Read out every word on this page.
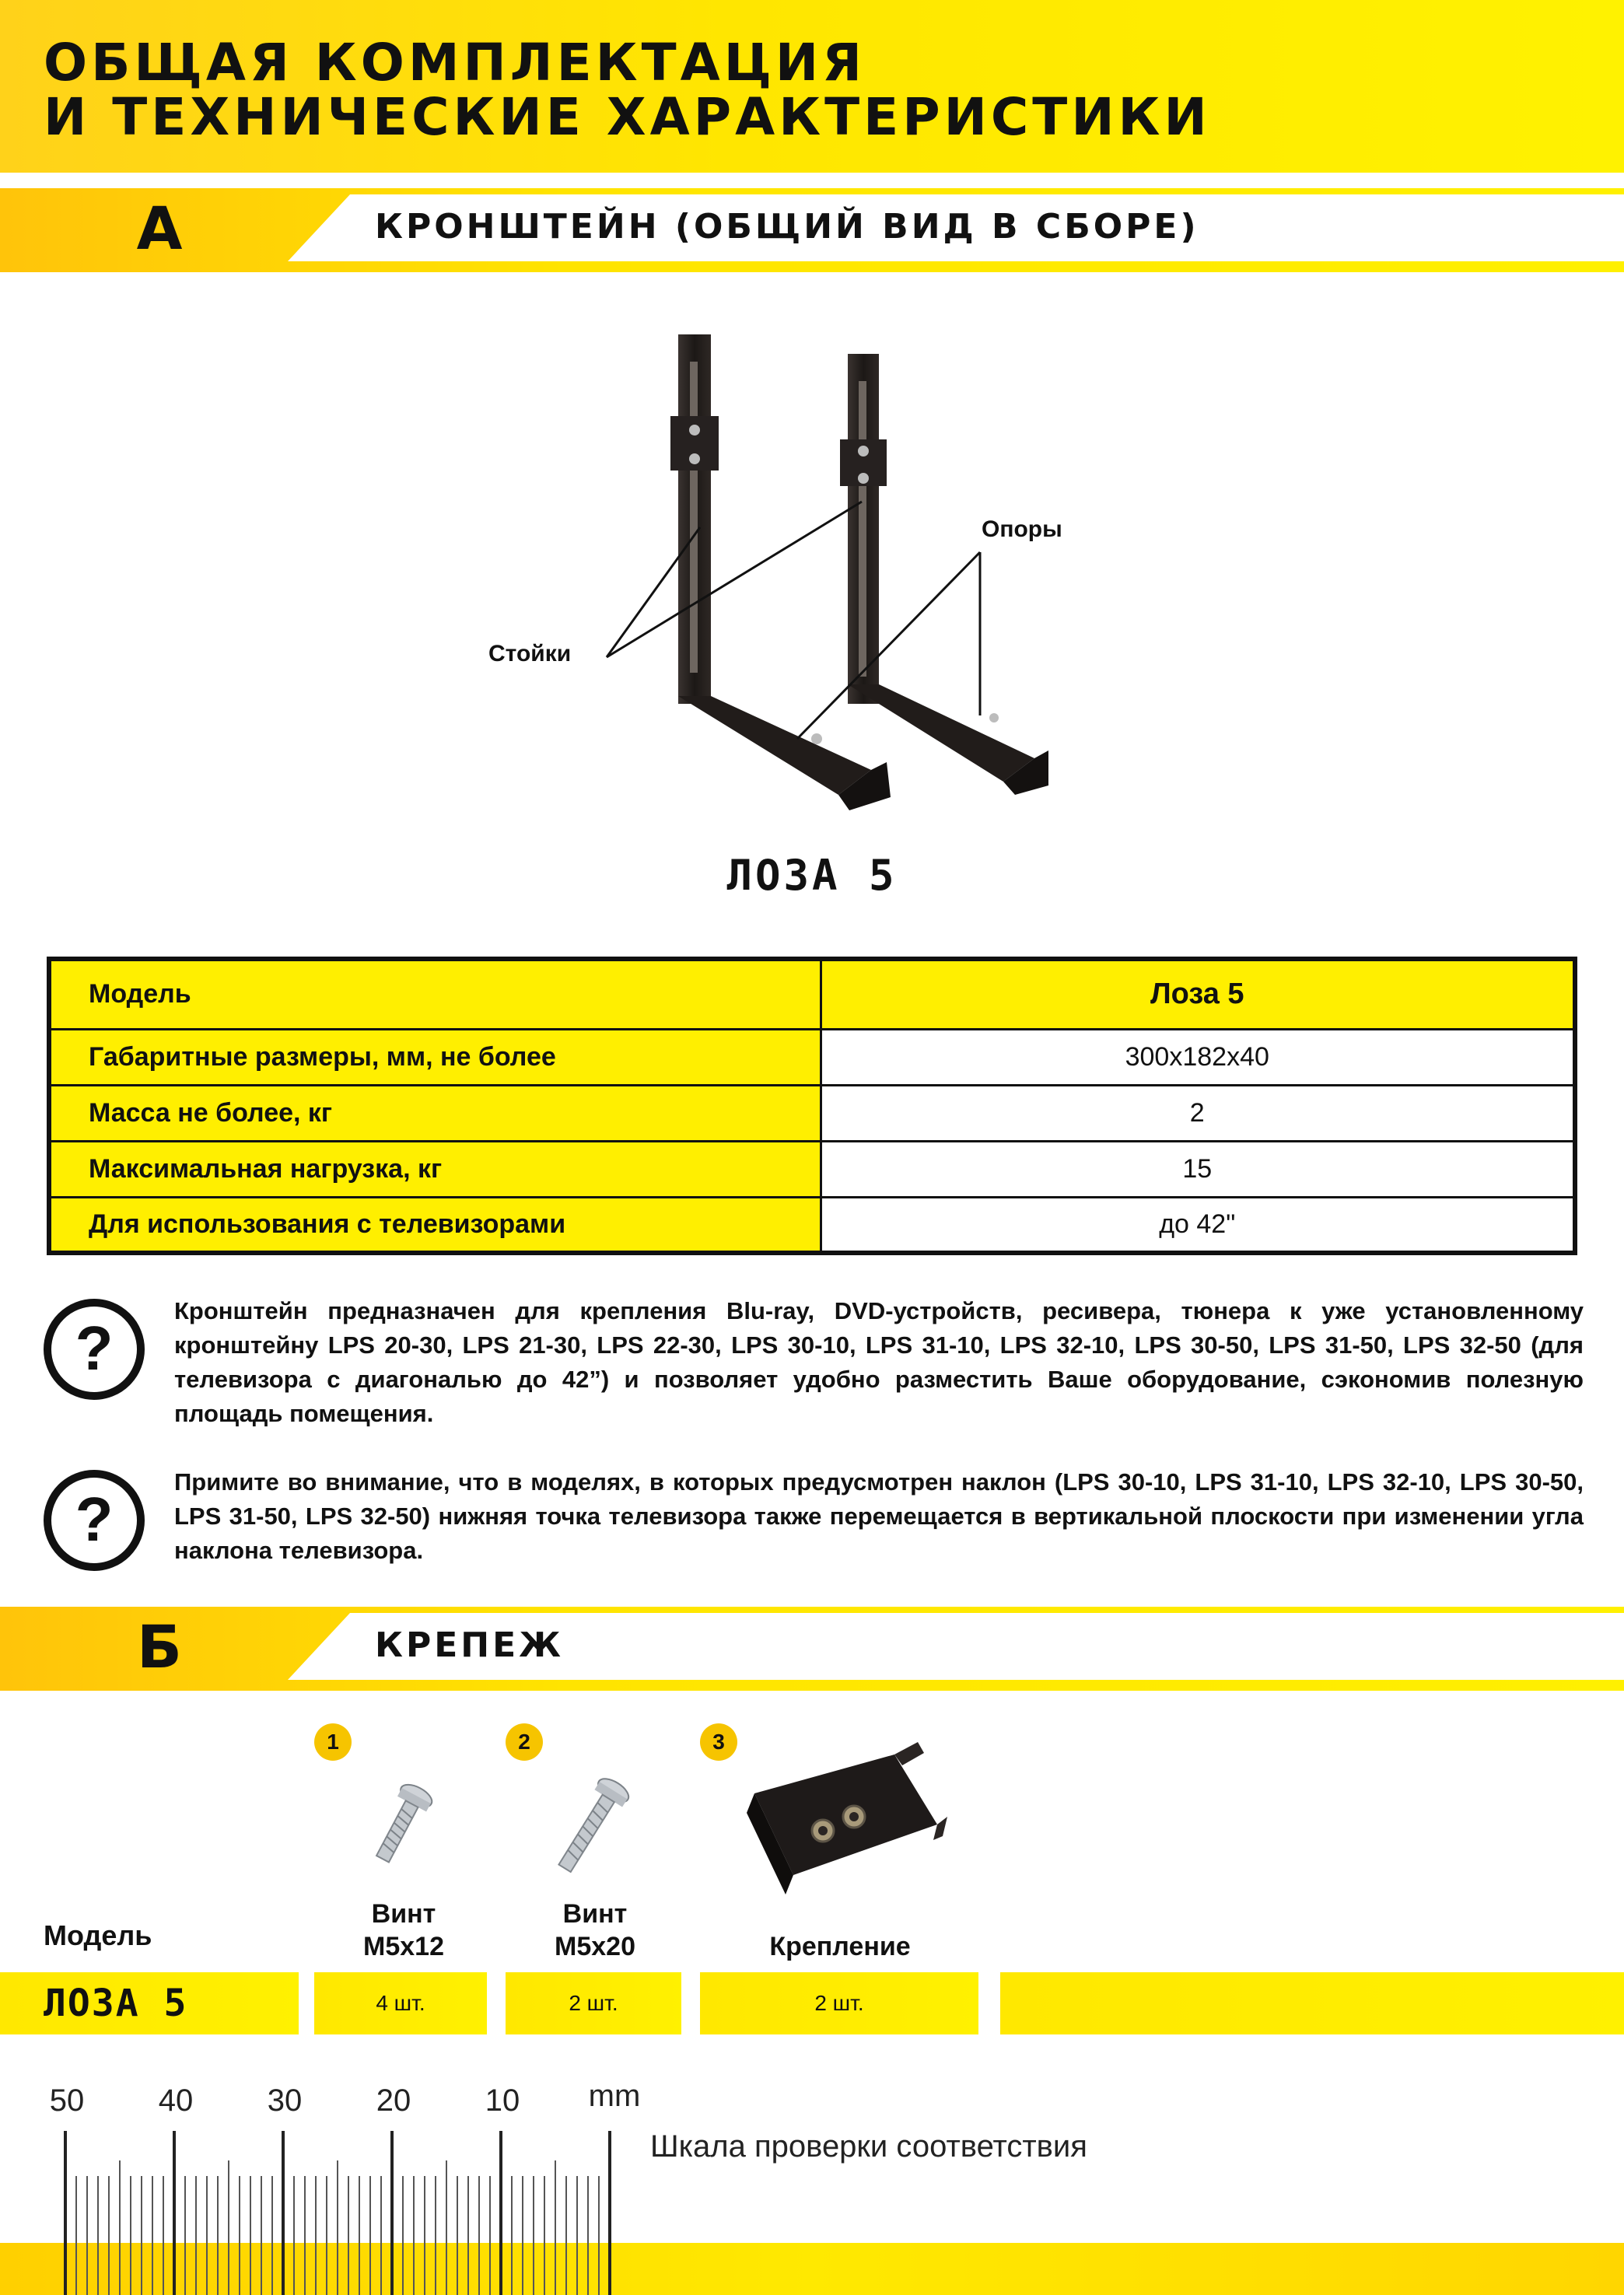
ОБЩАЯ КОМПЛЕКТАЦИЯ
И ТЕХНИЧЕСКИЕ ХАРАКТЕРИСТИКИ
А	КРОНШТЕЙН (ОБЩИЙ ВИД В СБОРЕ)
Стойки
Опоры
ЛОЗА 5
Модель	Лоза 5
Габаритные размеры, мм, не более	300x182x40
Масса не более, кг	2
Максимальная нагрузка, кг	15
Для использования с телевизорами	до 42"
?

Кронштейн предназначен для крепления Blu-ray, DVD-устройств, ресивера, тюнера к уже установленному кронштейну LPS 20-30, LPS 21-30, LPS 22-30, LPS 30-10, LPS 31-10, LPS 32-10, LPS 30-50, LPS 31-50, LPS 32-50 (для телевизора с диагональю до 42”) и позволяет удобно разместить Ваше оборудование, сэкономив полезную площадь помещения.

?

Примите во внимание, что в моделях, в которых предусмотрен наклон (LPS 30-10, LPS 31-10, LPS 32-10, LPS 30-50, LPS 31-50, LPS 32-50) нижняя точка телевизора также перемещается в вертикальной плоскости при изменении угла наклона телевизора.

Б	КРЕПЕЖ
1
Винт
М5х12
2
Винт
М5х20
3
Крепление
Модель
ЛОЗА 5	4 шт.	2 шт.	2 шт.
50 40 30 20 10 mm
Шкала проверки соответствия
